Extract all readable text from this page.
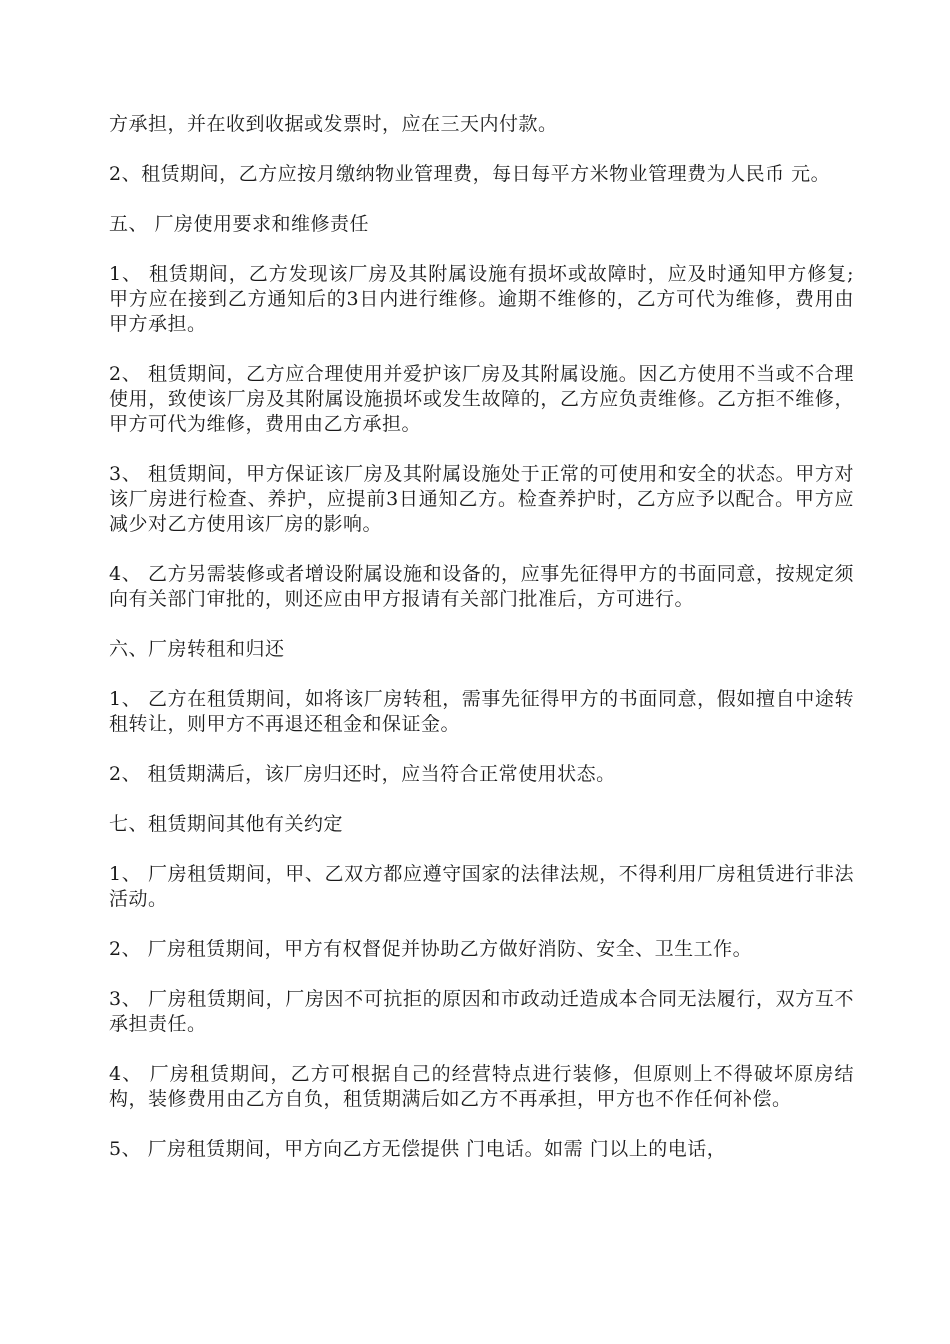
方承担，并在收到收据或发票时，应在三天内付款。

2、租赁期间，乙方应按月缴纳物业管理费，每日每平方米物业管理费为人民币 元。

五、 厂房使用要求和维修责任

1、 租赁期间，乙方发现该厂房及其附属设施有损坏或故障时，应及时通知甲方修复;甲方应在接到乙方通知后的3日内进行维修。逾期不维修的，乙方可代为维修，费用由甲方承担。

2、 租赁期间，乙方应合理使用并爱护该厂房及其附属设施。因乙方使用不当或不合理使用，致使该厂房及其附属设施损坏或发生故障的，乙方应负责维修。乙方拒不维修，甲方可代为维修，费用由乙方承担。

3、 租赁期间，甲方保证该厂房及其附属设施处于正常的可使用和安全的状态。甲方对该厂房进行检查、养护，应提前3日通知乙方。检查养护时，乙方应予以配合。甲方应减少对乙方使用该厂房的影响。

4、 乙方另需装修或者增设附属设施和设备的，应事先征得甲方的书面同意，按规定须向有关部门审批的，则还应由甲方报请有关部门批准后，方可进行。

六、厂房转租和归还

1、 乙方在租赁期间，如将该厂房转租，需事先征得甲方的书面同意，假如擅自中途转租转让，则甲方不再退还租金和保证金。

2、 租赁期满后，该厂房归还时，应当符合正常使用状态。

七、租赁期间其他有关约定

1、 厂房租赁期间，甲、乙双方都应遵守国家的法律法规，不得利用厂房租赁进行非法活动。

2、 厂房租赁期间，甲方有权督促并协助乙方做好消防、安全、卫生工作。

3、 厂房租赁期间，厂房因不可抗拒的原因和市政动迁造成本合同无法履行，双方互不承担责任。

4、 厂房租赁期间，乙方可根据自己的经营特点进行装修，但原则上不得破坏原房结构，装修费用由乙方自负，租赁期满后如乙方不再承担，甲方也不作任何补偿。

5、 厂房租赁期间，甲方向乙方无偿提供 门电话。如需 门以上的电话，
